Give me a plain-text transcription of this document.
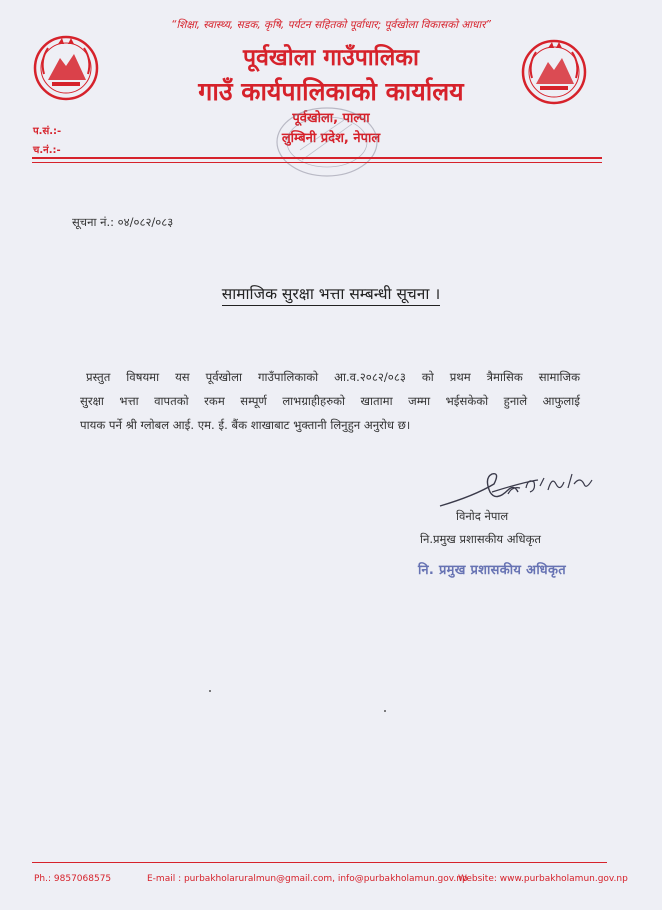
“शिक्षा, स्वास्थ्य, सडक, कृषि, पर्यटन सहितको पूर्वाधार; पूर्वखोला विकासको आधार”
पूर्वखोला गाउँपालिका
गाउँ कार्यपालिकाको कार्यालय
पूर्वखोला, पाल्पा
लुम्बिनी प्रदेश, नेपाल
प.सं.:-
च.नं.:-
सूचना नं.: ०४/०८२/०८३
सामाजिक सुरक्षा भत्ता सम्बन्धी सूचना ।
प्रस्तुत विषयमा यस पूर्वखोला गाउँपालिकाको आ.व.२०८२/०८३ को प्रथम त्रैमासिक सामाजिक
सुरक्षा भत्ता वापतको रकम सम्पूर्ण लाभग्राहीहरुको खातामा जम्मा भईसकेको हुनाले आफुलाई
पायक पर्ने श्री ग्लोबल आई. एम. ई. बैंक शाखाबाट भुक्तानी लिनुहुन अनुरोध छ।
विनोद नेपाल
नि.प्रमुख प्रशासकीय अधिकृत
नि. प्रमुख प्रशासकीय अधिकृत
Ph.: 9857068575	E-mail : purbakholaruralmun@gmail.com, info@purbakholamun.gov.np
Website: www.purbakholamun.gov.np
